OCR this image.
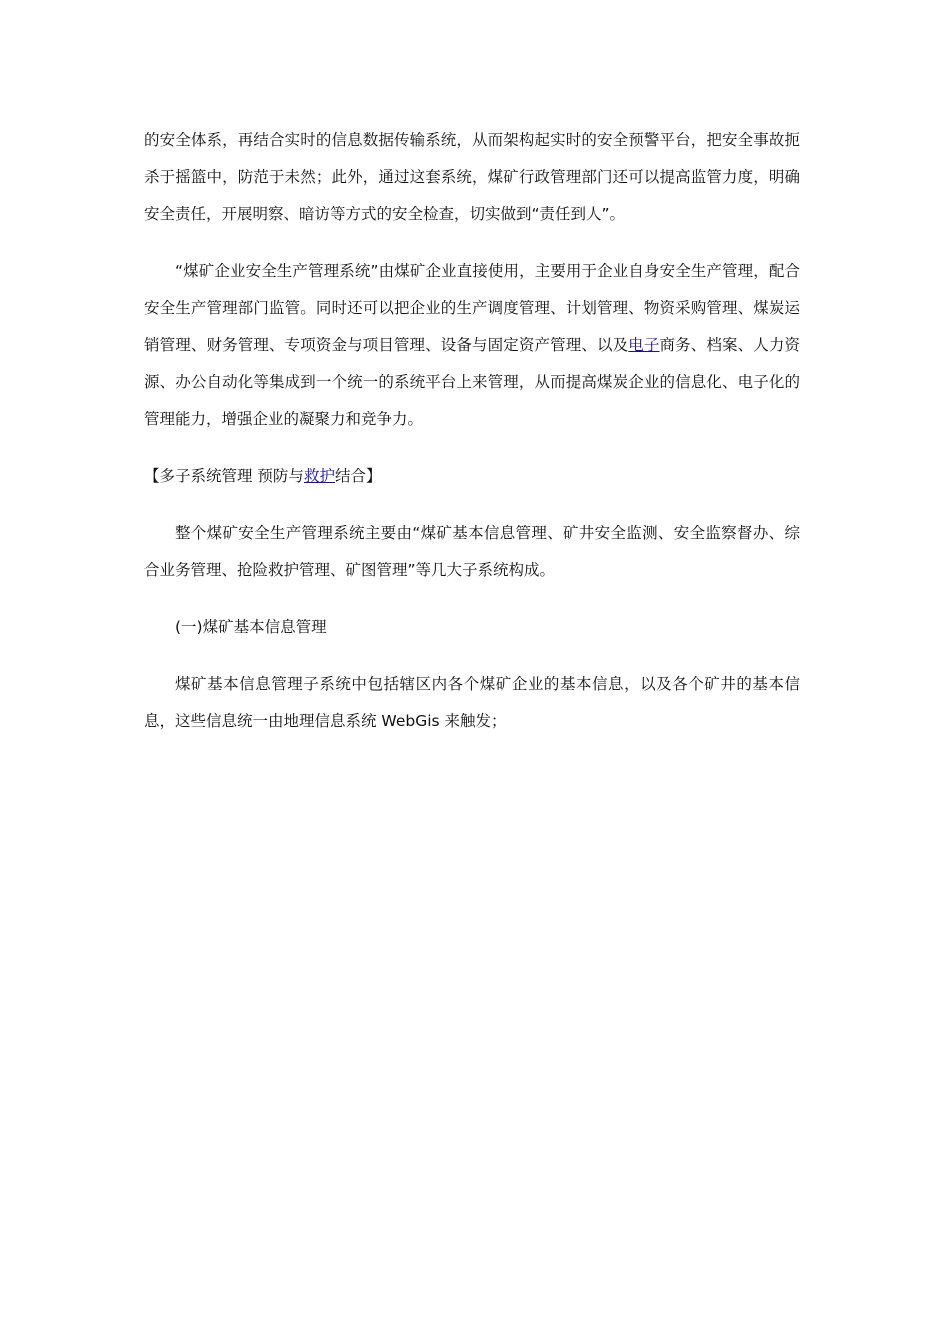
的安全体系，再结合实时的信息数据传输系统，从而架构起实时的安全预警平台，把安全事故扼杀于摇篮中，防范于未然；此外，通过这套系统，煤矿行政管理部门还可以提高监管力度，明确安全责任，开展明察、暗访等方式的安全检查，切实做到“责任到人”。

“煤矿企业安全生产管理系统”由煤矿企业直接使用，主要用于企业自身安全生产管理，配合安全生产管理部门监管。同时还可以把企业的生产调度管理、计划管理、物资采购管理、煤炭运销管理、财务管理、专项资金与项目管理、设备与固定资产管理、以及电子商务、档案、人力资源、办公自动化等集成到一个统一的系统平台上来管理，从而提高煤炭企业的信息化、电子化的管理能力，增强企业的凝聚力和竞争力。

【多子系统管理 预防与救护结合】

整个煤矿安全生产管理系统主要由“煤矿基本信息管理、矿井安全监测、安全监察督办、综合业务管理、抢险救护管理、矿图管理”等几大子系统构成。

(一)煤矿基本信息管理

煤矿基本信息管理子系统中包括辖区内各个煤矿企业的基本信息，以及各个矿井的基本信息，这些信息统一由地理信息系统 WebGis 来触发；
